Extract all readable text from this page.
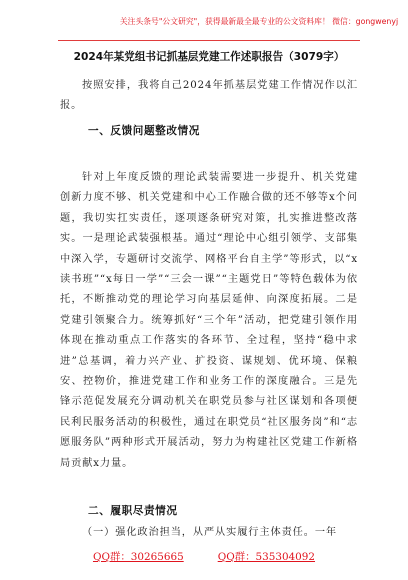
关注头条号"公文研究"，获得最新最全最专业的公文资料库！ 微信：gongwenyj
2024年某党组书记抓基层党建工作述职报告（3079字）
按照安排，我将自己2024年抓基层党建工作情况作以汇报。
一、反馈问题整改情况
针对上年度反馈的理论武装需要进一步提升、机关党建创新力度不够、机关党建和中心工作融合做的还不够等x个问题，我切实扛实责任，逐项逐条研究对策，扎实推进整改落实。一是理论武装强根基。通过“理论中心组引领学、支部集中深入学，专题研讨交流学、网格平台自主学”等形式，以“x读书班”“x每日一学”“三会一课”“主题党日”等特色载体为依托，不断推动党的理论学习向基层延伸、向深度拓展。二是党建引领聚合力。统筹抓好“三个年”活动，把党建引领作用体现在推动重点工作落实的各环节、全过程，坚持“稳中求进”总基调，着力兴产业、扩投资、谋规划、优环境、保粮安、控物价，推进党建工作和业务工作的深度融合。三是先锋示范促发展充分调动机关在职党员参与社区谋划和各项便民利民服务活动的积极性，通过在职党员“社区服务岗”和“志愿服务队”两种形式开展活动，努力为构建社区党建工作新格局贡献x力量。
二、履职尽责情况
（一）强化政治担当，从严从实履行主体责任。一年
QQ群：30265665	QQ群：535304092
